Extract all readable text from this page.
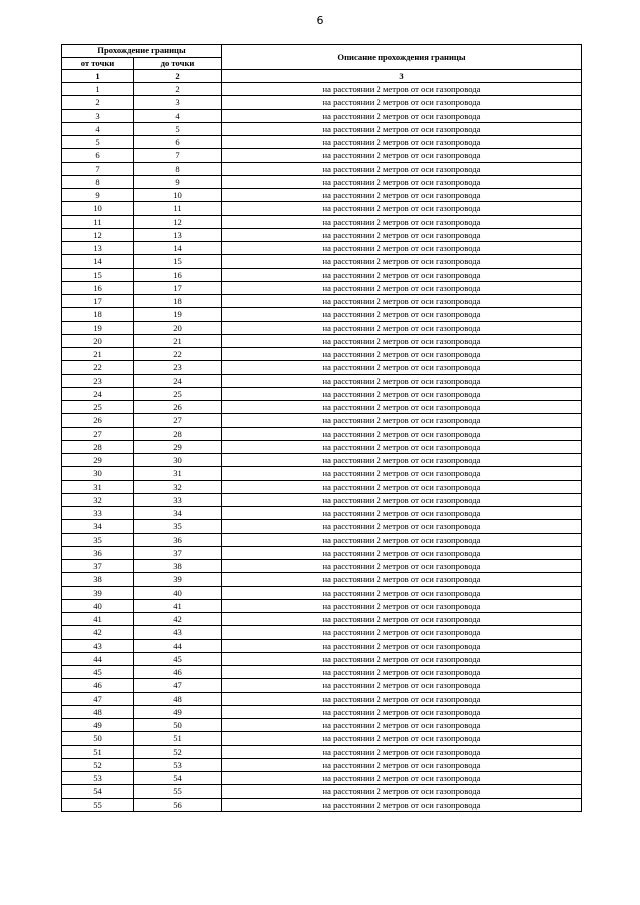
6
Прохождение границы		Описание прохождения границы
от точки	до точки	
1	2	3
1	2	на расстоянии 2 метров от оси газопровода
2	3	на расстоянии 2 метров от оси газопровода
3	4	на расстоянии 2 метров от оси газопровода
4	5	на расстоянии 2 метров от оси газопровода
5	6	на расстоянии 2 метров от оси газопровода
6	7	на расстоянии 2 метров от оси газопровода
7	8	на расстоянии 2 метров от оси газопровода
8	9	на расстоянии 2 метров от оси газопровода
9	10	на расстоянии 2 метров от оси газопровода
10	11	на расстоянии 2 метров от оси газопровода
11	12	на расстоянии 2 метров от оси газопровода
12	13	на расстоянии 2 метров от оси газопровода
13	14	на расстоянии 2 метров от оси газопровода
14	15	на расстоянии 2 метров от оси газопровода
15	16	на расстоянии 2 метров от оси газопровода
16	17	на расстоянии 2 метров от оси газопровода
17	18	на расстоянии 2 метров от оси газопровода
18	19	на расстоянии 2 метров от оси газопровода
19	20	на расстоянии 2 метров от оси газопровода
20	21	на расстоянии 2 метров от оси газопровода
21	22	на расстоянии 2 метров от оси газопровода
22	23	на расстоянии 2 метров от оси газопровода
23	24	на расстоянии 2 метров от оси газопровода
24	25	на расстоянии 2 метров от оси газопровода
25	26	на расстоянии 2 метров от оси газопровода
26	27	на расстоянии 2 метров от оси газопровода
27	28	на расстоянии 2 метров от оси газопровода
28	29	на расстоянии 2 метров от оси газопровода
29	30	на расстоянии 2 метров от оси газопровода
30	31	на расстоянии 2 метров от оси газопровода
31	32	на расстоянии 2 метров от оси газопровода
32	33	на расстоянии 2 метров от оси газопровода
33	34	на расстоянии 2 метров от оси газопровода
34	35	на расстоянии 2 метров от оси газопровода
35	36	на расстоянии 2 метров от оси газопровода
36	37	на расстоянии 2 метров от оси газопровода
37	38	на расстоянии 2 метров от оси газопровода
38	39	на расстоянии 2 метров от оси газопровода
39	40	на расстоянии 2 метров от оси газопровода
40	41	на расстоянии 2 метров от оси газопровода
41	42	на расстоянии 2 метров от оси газопровода
42	43	на расстоянии 2 метров от оси газопровода
43	44	на расстоянии 2 метров от оси газопровода
44	45	на расстоянии 2 метров от оси газопровода
45	46	на расстоянии 2 метров от оси газопровода
46	47	на расстоянии 2 метров от оси газопровода
47	48	на расстоянии 2 метров от оси газопровода
48	49	на расстоянии 2 метров от оси газопровода
49	50	на расстоянии 2 метров от оси газопровода
50	51	на расстоянии 2 метров от оси газопровода
51	52	на расстоянии 2 метров от оси газопровода
52	53	на расстоянии 2 метров от оси газопровода
53	54	на расстоянии 2 метров от оси газопровода
54	55	на расстоянии 2 метров от оси газопровода
55	56	на расстоянии 2 метров от оси газопровода
